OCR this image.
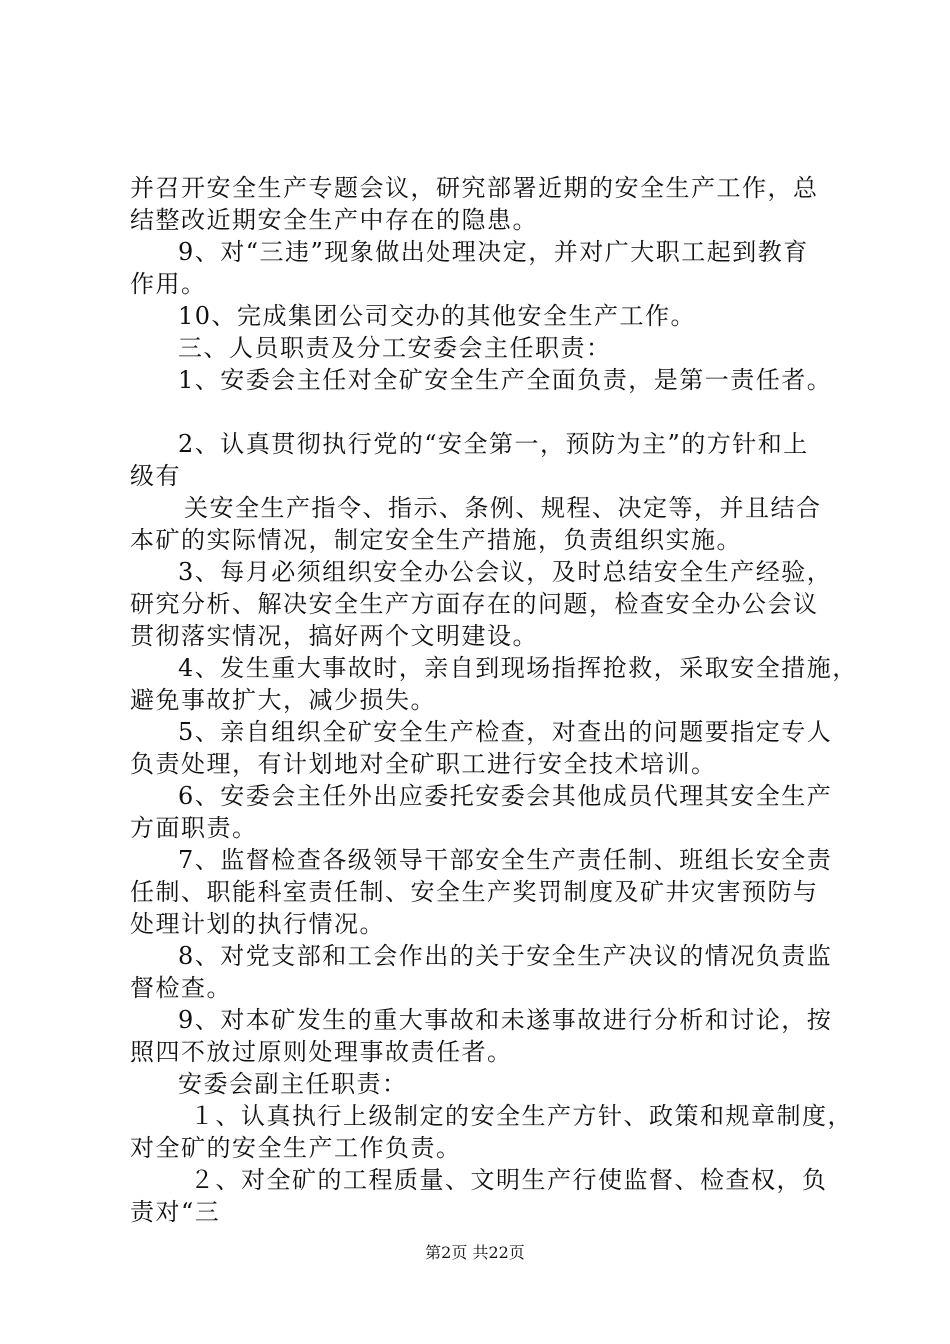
并召开安全生产专题会议，研究部署近期的安全生产工作，总

结整改近期安全生产中存在的隐患。

9、对“三违”现象做出处理决定，并对广大职工起到教育

作用。

10、完成集团公司交办的其他安全生产工作。

三、人员职责及分工安委会主任职责：

1、安委会主任对全矿安全生产全面负责，是第一责任者。

2、认真贯彻执行党的“安全第一，预防为主”的方针和上

级有

关安全生产指令、指示、条例、规程、决定等，并且结合

本矿的实际情况，制定安全生产措施，负责组织实施。

3、每月必须组织安全办公会议，及时总结安全生产经验，

研究分析、解决安全生产方面存在的问题，检查安全办公会议

贯彻落实情况，搞好两个文明建设。

4、发生重大事故时，亲自到现场指挥抢救，采取安全措施，

避免事故扩大，减少损失。

5、亲自组织全矿安全生产检查，对查出的问题要指定专人

负责处理，有计划地对全矿职工进行安全技术培训。

6、安委会主任外出应委托安委会其他成员代理其安全生产

方面职责。

7、监督检查各级领导干部安全生产责任制、班组长安全责

任制、职能科室责任制、安全生产奖罚制度及矿井灾害预防与

处理计划的执行情况。

8、对党支部和工会作出的关于安全生产决议的情况负责监

督检查。

9、对本矿发生的重大事故和未遂事故进行分析和讨论，按

照四不放过原则处理事故责任者。

安委会副主任职责：

１、认真执行上级制定的安全生产方针、政策和规章制度，

对全矿的安全生产工作负责。

２、对全矿的工程质量、文明生产行使监督、检查权，负

责对“三

第2页 共22页
